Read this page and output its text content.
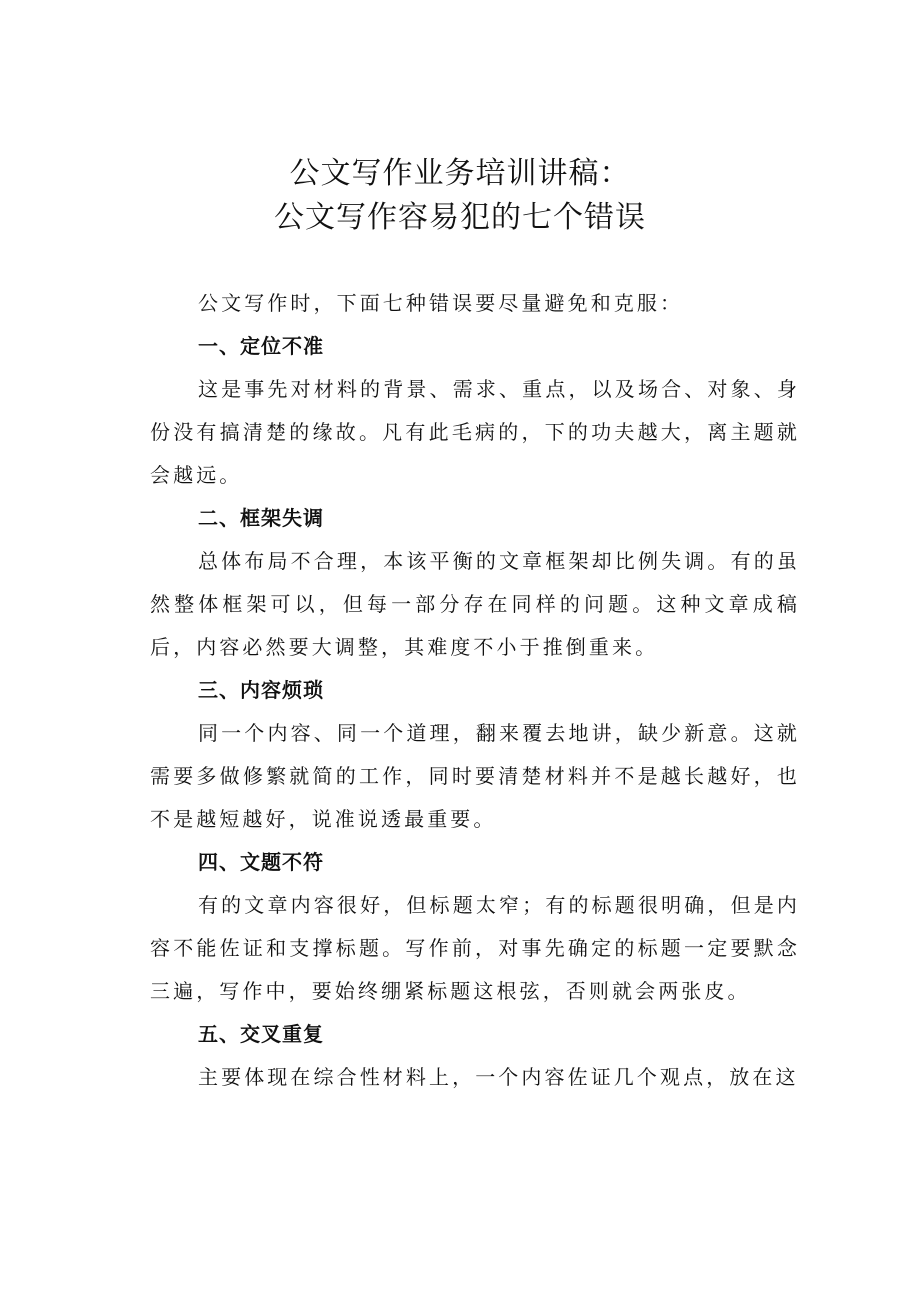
公文写作业务培训讲稿：
公文写作容易犯的七个错误

公文写作时，下面七种错误要尽量避免和克服：

一、定位不准

这是事先对材料的背景、需求、重点，以及场合、对象、身份没有搞清楚的缘故。凡有此毛病的，下的功夫越大，离主题就会越远。

二、框架失调

总体布局不合理，本该平衡的文章框架却比例失调。有的虽然整体框架可以，但每一部分存在同样的问题。这种文章成稿后，内容必然要大调整，其难度不小于推倒重来。

三、内容烦琐

同一个内容、同一个道理，翻来覆去地讲，缺少新意。这就需要多做修繁就简的工作，同时要清楚材料并不是越长越好，也不是越短越好，说准说透最重要。

四、文题不符

有的文章内容很好，但标题太窄；有的标题很明确，但是内容不能佐证和支撑标题。写作前，对事先确定的标题一定要默念三遍，写作中，要始终绷紧标题这根弦，否则就会两张皮。

五、交叉重复

主要体现在综合性材料上，一个内容佐证几个观点，放在这
